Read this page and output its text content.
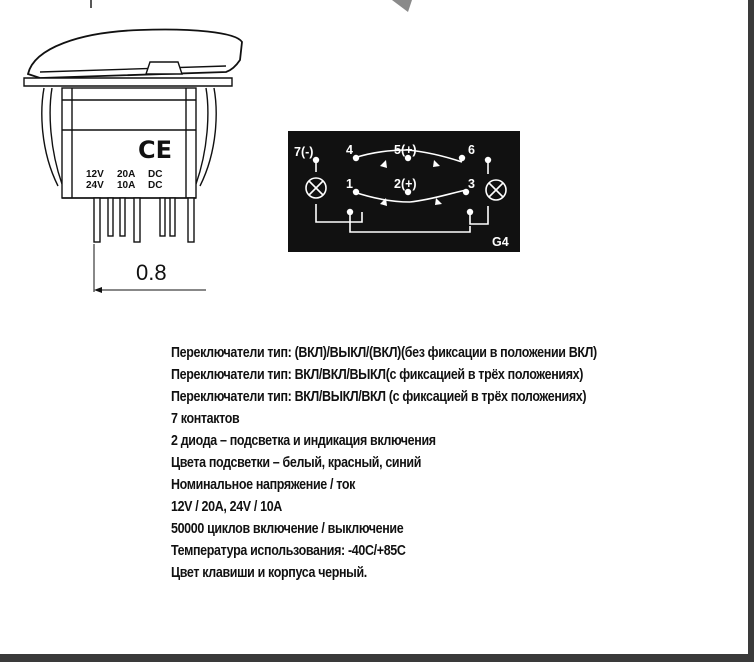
CE
12V 20A DC
24V 10A DC
0.8
7(-)	4	5(+)	6
1	2(+)	3
G4
Переключатели тип: (ВКЛ)/ВЫКЛ/(ВКЛ)(без фиксации в положении ВКЛ)
Переключатели тип: ВКЛ/ВКЛ/ВЫКЛ(с фиксацией в трёх положениях)
Переключатели тип: ВКЛ/ВЫКЛ/ВКЛ (с фиксацией в трёх положениях)
7 контактов
2 диода – подсветка и индикация включения
Цвета подсветки – белый, красный, синий
Номинальное напряжение / ток
12V / 20A, 24V / 10A
50000 циклов включение / выключение
Температура использования: -40C/+85C
Цвет клавиши и корпуса черный.
